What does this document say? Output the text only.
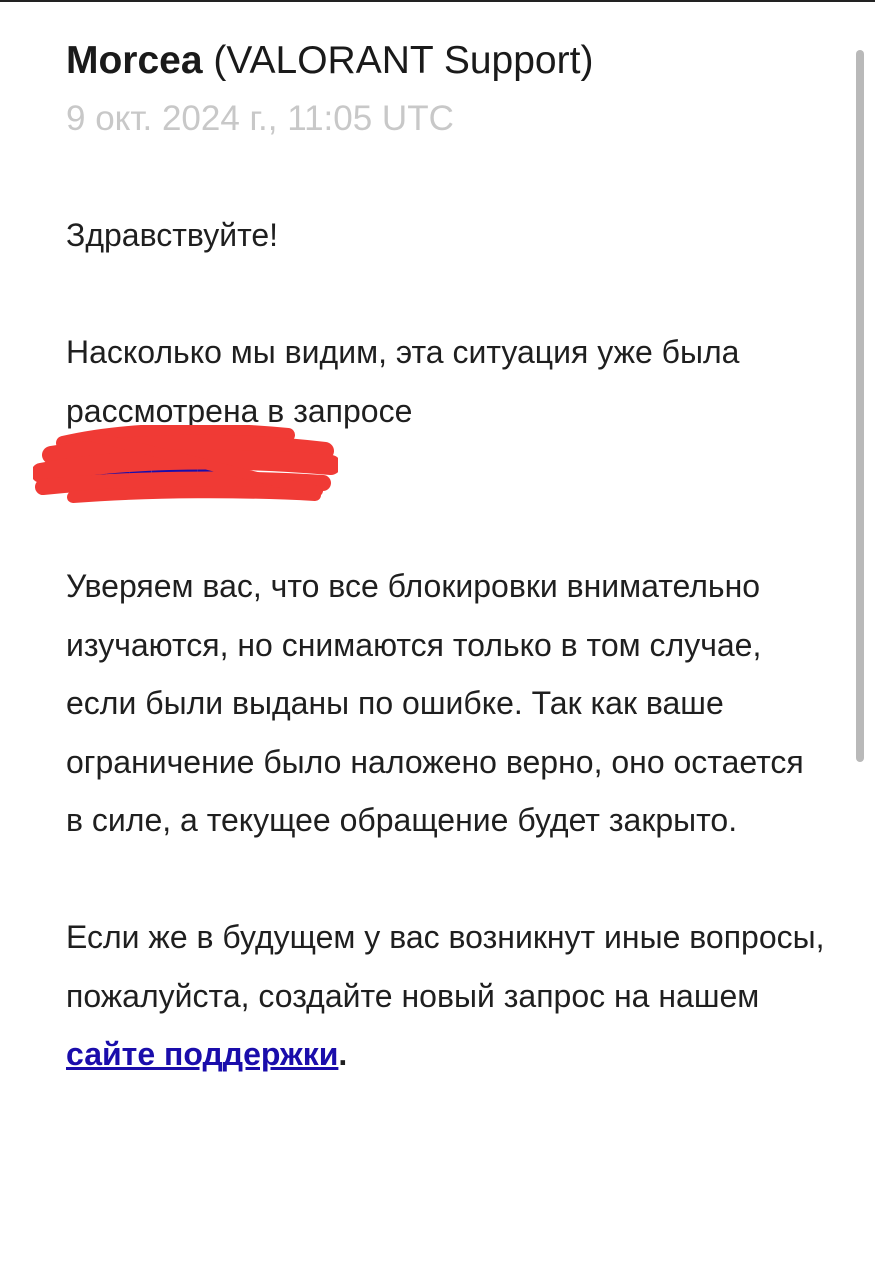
Morcea (VALORANT Support)
9 окт. 2024 г., 11:05 UTC

Здравствуйте!

Насколько мы видим, эта ситуация уже была рассмотрена в запросе
#███████

Уверяем вас, что все блокировки внимательно изучаются, но снимаются только в том случае, если были выданы по ошибке. Так как ваше ограничение было наложено верно, оно остается в силе, а текущее обращение будет закрыто.

Если же в будущем у вас возникнут иные вопросы, пожалуйста, создайте новый запрос на нашем сайте поддержки.
